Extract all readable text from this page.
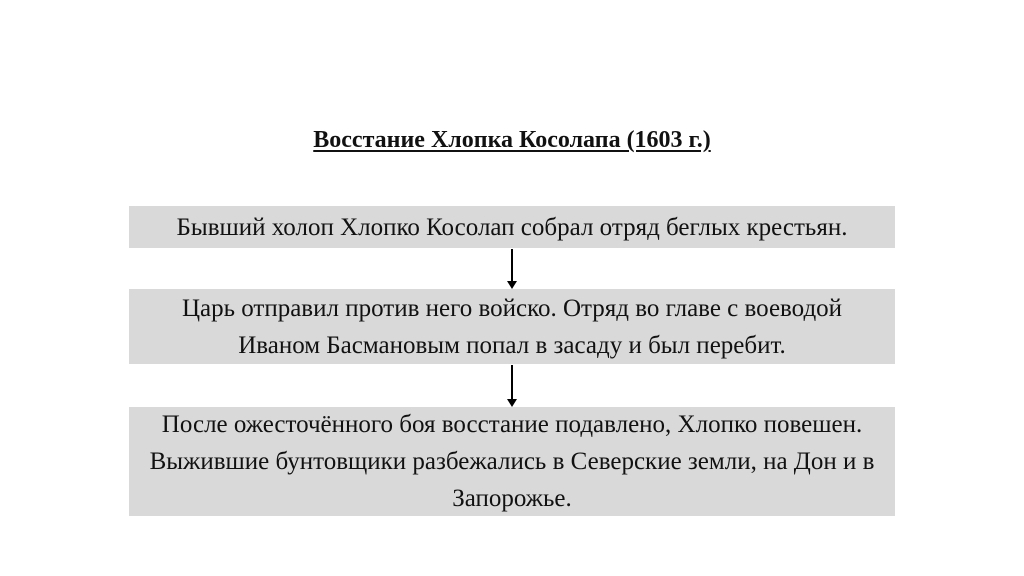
Восстание Хлопка Косолапа (1603 г.)
Бывший холоп Хлопко Косолап собрал отряд беглых крестьян.
Царь отправил против него войско. Отряд во главе с воеводой Иваном Басмановым попал в засаду и был перебит.
После ожесточённого боя восстание подавлено, Хлопко повешен. Выжившие бунтовщики разбежались в Северские земли, на Дон и в Запорожье.
